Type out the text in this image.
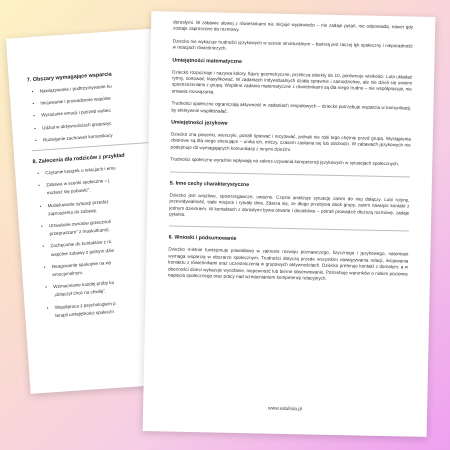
7. Obszary wymagające wsparcia
• Nawiązywanie i podtrzymywanie ko
• Inicjowanie i prowadzenie wspólne
• Wyrażanie emocji i potrzeb wobec
• Udział w aktywnościach grupowyc
• Rozwijanie zachowań komunikacy
8. Zalecenia dla rodziców z przykład
• Czytanie książek o relacjach i emo
• Zabawa w scenki społeczne – j
możesz się pobawić".
• Modelowanie sytuacji przedsz
zaproszenia do zabawy.
• Utrwalanie zwrotów grzecznoś
przepraszam" z maskotkami).
• Zachęcanie do kontaktów z ró
wspólne zabawy z jednym dzie
• Reagowanie spokojnie na wy
emocjonalnym.
• Wzmacnianie każdej próby ko
„dołączył choć na chwilę".
• Współpraca z psychologiem p
terapii umiejętności społeczn

dorosłymi. W zabawie ułowej z rówieśnikami nie inicjuje wypowiedzi – nie zadaje pytań, nie odpowiada, nawet gdy zostaje zaproszone do rozmowy.

Dziecko nie wykazuje trudności językowych w sensie strukturalnym – barierą jest raczej lęk społeczny i nieporadność w relacjach rówieśniczych.

Umiejętności matematyczne

Dziecko rozpoznaje i nazywa kolory, figury geometryczne, przelicza obiekty do 10, porównuje wielkości. Lubi układać rytmy, sortować, klasyfikować. W zadaniach indywidualnych działa sprawnie i samodzielnie, ale nie dzieli się swoimi spostrzeżeniami z grupą. Wspólne zadania matematyczne z rówieśnikami są dla niego trudne – nie współpracuje, nie omawia rozwiązania.

Trudności społeczne ograniczają aktywność w zadaniach zespołowych – dziecko potrzebuje wsparcia w komunikacji, by efektywnie współdziałać.

Umiejętności językowe

Dziecko zna piosenki, wierszyki, potrafi śpiewać i recytować, jednak nie robi tego chętnie przed grupą. Wystąpienia zbiorowe są dla niego stresujące – unika ich, milczy, czasem zasłania się lub odchodzi. W zabawach językowych nie podejmuje ról wymagających komunikacji z innymi dziećmi.

Trudności społeczne wyraźnie wpływają na zakres używania kompetencji językowych w sytuacjach społecznych.

5. Inne cechy charakterystyczne

Dziecko jest wrażliwe, spostrzegawcze, uważne. Często analizuje sytuację zanim do niej dołączy. Lubi rutynę, przewidywalność, stałe miejsce i rytuały dnia. Zdarza się, że długo przebywa obok grupy, zanim nawiąże kontakt z jednym dzieckiem. W kontaktach z dorosłymi bywa otwarte i dociekliwe – potrafi prowadzić dłuższą rozmowę, zadaje pytania.

6. Wnioski i podsumowanie

Dziecko 4-letnie funkcjonuje prawidłowo w zakresie rozwoju poznawczego, fizycznego i językowego, natomiast wymaga wsparcia w obszarze społecznym. Trudności dotyczą przede wszystkim nawiązywania relacji, inicjowania kontaktu z rówieśnikami oraz uczestniczenia w grupowych aktywnościach. Dziecko preferuje kontakt z dorosłym, a w obecności dzieci wykazuje wycofanie, niepewność lub bierne obserwowanie. Potrzebuje warunków o niskim poziomie napięcia społecznego oraz pracy nad wzmacnianiem kompetencji relacyjnych.

www.edulisia.pl
